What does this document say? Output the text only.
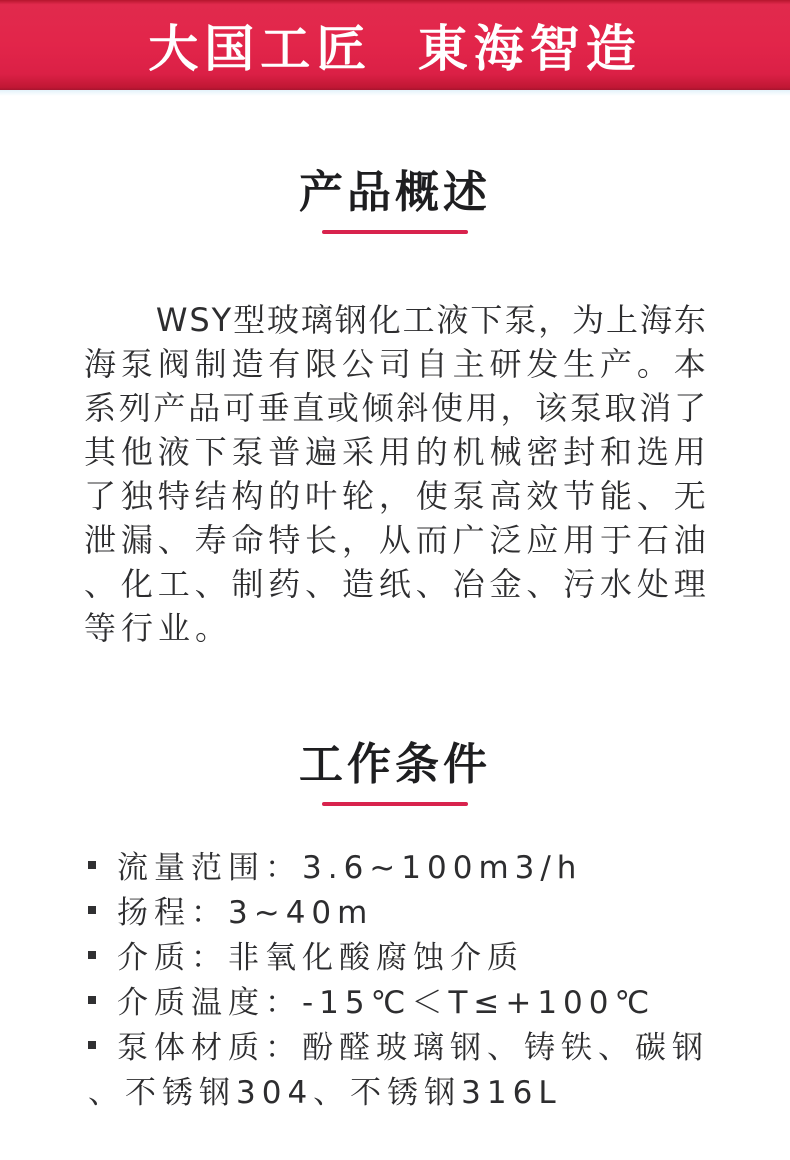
大国工匠 東海智造
产品概述
W S Y 型 玻 璃 钢 化 工 液 下 泵 ， 为 上 海 东
海 泵 阀 制 造 有 限 公 司 自 主 研 发 生 产 。 本
系 列 产 品 可 垂 直 或 倾 斜 使 用 ， 该 泵 取 消 了
其 他 液 下 泵 普 遍 采 用 的 机 械 密 封 和 选 用
了 独 特 结 构 的 叶 轮 ， 使 泵 高 效 节 能 、 无
泄 漏 、 寿 命 特 长 ， 从 而 广 泛 应 用 于 石 油
、 化 工 、 制 药 、 造 纸 、 冶 金 、 污 水 处 理
等行业。
工作条件
流量范围：3.6~100m3/h
扬程：3~40m
介质：非氧化酸腐蚀介质
介质温度：-15℃＜T≤+100℃
泵体材质：酚醛玻璃钢、铸铁、碳钢
、不锈钢304、不锈钢316L
